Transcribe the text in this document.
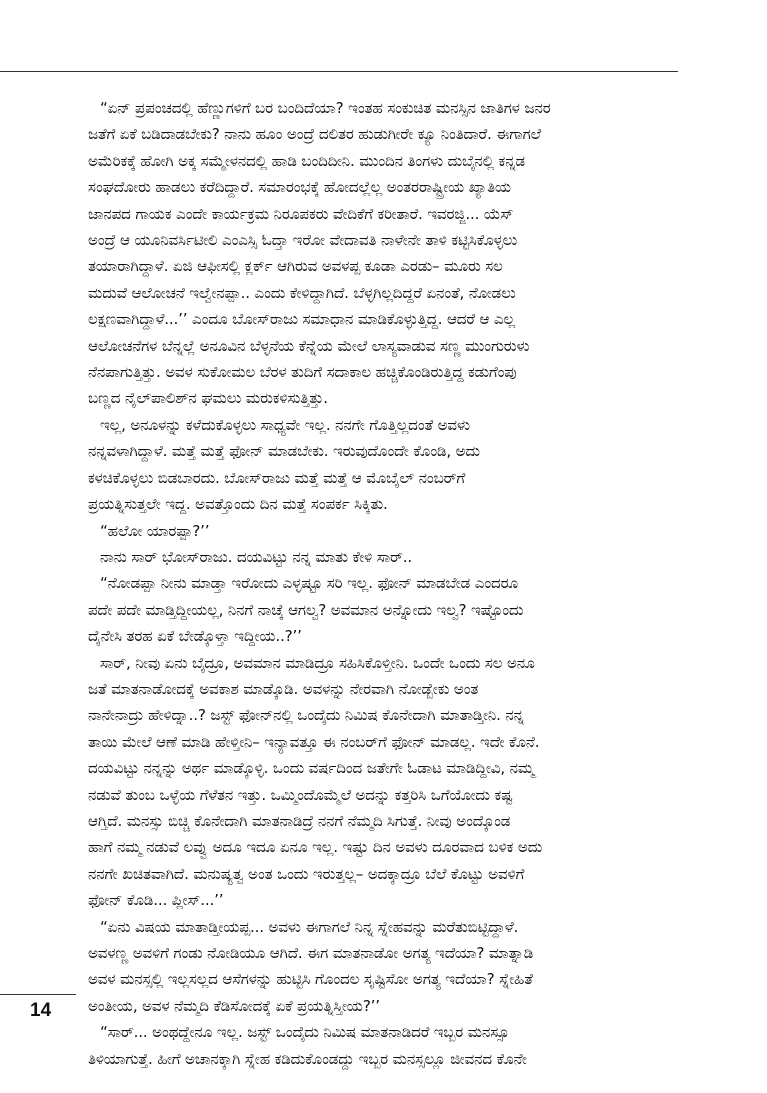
“ಏನ್ ಪ್ರಪಂಚದಲ್ಲಿ ಹೆಣ್ಣುಗಳಿಗೆ ಬರ ಬಂದಿದೆಯಾ? ಇಂತಹ ಸಂಕುಚಿತ ಮನಸ್ಸಿನ ಜಾತಿಗಳ ಜನರ
ಜತೆಗೆ ಏಕೆ ಬಡಿದಾಡಬೇಕು? ನಾನು ಹೂಂ ಅಂದ್ರೆ ದಲಿತರ ಹುಡುಗೀರೇ ಕ್ಯೂ ನಿಂತಿದಾರೆ. ಈಗಾಗಲೆ
ಅಮೆರಿಕಕ್ಕೆ ಹೋಗಿ ಅಕ್ಕ ಸಮ್ಮೇಳನದಲ್ಲಿ ಹಾಡಿ ಬಂದಿದೀನಿ. ಮುಂದಿನ ತಿಂಗಳು ದುಬೈನಲ್ಲಿ ಕನ್ನಡ
ಸಂಘದೋರು ಹಾಡಲು ಕರೆದಿದ್ದಾರೆ. ಸಮಾರಂಭಕ್ಕೆ ಹೋದಲ್ಲೆಲ್ಲ ಅಂತರರಾಷ್ಟ್ರೀಯ ಖ್ಯಾತಿಯ
ಜಾನಪದ ಗಾಯಕ ಎಂದೇ ಕಾರ್ಯಕ್ರಮ ನಿರೂಪಕರು ವೇದಿಕೆಗೆ ಕರೀತಾರೆ. ಇವರಜ್ಜಿ... ಯೆಸ್
ಅಂದ್ರೆ ಆ ಯೂನಿವರ್ಸಿಟೀಲಿ ಎಂಎಸ್ಸಿ ಓದ್ತಾ ಇರೋ ವೇದಾವತಿ ನಾಳೇನೇ ತಾಳಿ ಕಟ್ಟಿಸಿಕೊಳ್ಳಲು
ತಯಾರಾಗಿದ್ದಾಳೆ. ಏಜಿ ಆಫೀಸಲ್ಲಿ ಕ್ಲರ್ಕ್ ಆಗಿರುವ ಅವಳಪ್ಪ ಕೂಡಾ ಎರಡು– ಮೂರು ಸಲ
ಮದುವೆ ಆಲೋಚನೆ ಇಲ್ವೇನಪ್ಪಾ.. ಎಂದು ಕೇಳಿದ್ದಾಗಿದೆ. ಬೆಳ್ಳಗಿಲ್ಲದಿದ್ದರೆ ಏನಂತೆ, ನೋಡಲು
ಲಕ್ಷಣವಾಗಿದ್ದಾಳೆ...’’ ಎಂದೂ ಬೋಸ್‌ರಾಜು ಸಮಾಧಾನ ಮಾಡಿಕೊಳ್ಳುತ್ತಿದ್ದ. ಆದರೆ ಆ ಎಲ್ಲ
ಆಲೋಚನೆಗಳ ಬೆನ್ನಲ್ಲೆ ಅನೂವಿನ ಬೆಳ್ಳನೆಯ ಕೆನ್ನೆಯ ಮೇಲೆ ಲಾಸ್ಯವಾಡುವ ಸಣ್ಣ ಮುಂಗುರುಳು
ನೆನಪಾಗುತ್ತಿತ್ತು. ಅವಳ ಸುಕೋಮಲ ಬೆರಳ ತುದಿಗೆ ಸದಾಕಾಲ ಹಚ್ಚಿಕೊಂಡಿರುತ್ತಿದ್ದ ಕಡುಗೆಂಪು
ಬಣ್ಣದ ನೈಲ್‌ಪಾಲಿಶ್‌ನ ಘಮಲು ಮರುಕಳಿಸುತ್ತಿತ್ತು.
ಇಲ್ಲ, ಅನೂಳನ್ನು ಕಳೆದುಕೊಳ್ಳಲು ಸಾಧ್ಯವೇ ಇಲ್ಲ. ನನಗೇ ಗೊತ್ತಿಲ್ಲದಂತೆ ಅವಳು
ನನ್ನವಳಾಗಿದ್ದಾಳೆ. ಮತ್ತೆ ಮತ್ತೆ ಫೋನ್ ಮಾಡಬೇಕು. ಇರುವುದೊಂದೇ ಕೊಂಡಿ, ಅದು
ಕಳಚಿಕೊಳ್ಳಲು ಬಿಡಬಾರದು. ಬೋಸ್‌ರಾಜು ಮತ್ತೆ ಮತ್ತೆ ಆ ಮೊಬೈಲ್ ನಂಬರ್‌ಗೆ
ಪ್ರಯತ್ನಿಸುತ್ತಲೇ ಇದ್ದ. ಅವತ್ತೊಂದು ದಿನ ಮತ್ತೆ ಸಂಪರ್ಕ ಸಿಕ್ಕಿತು.
“ಹಲೋ ಯಾರಪ್ಪಾ?’’
ನಾನು ಸಾರ್ ಭೋಸ್‌ರಾಜು. ದಯವಿಟ್ಟು ನನ್ನ ಮಾತು ಕೇಳಿ ಸಾರ್..
“ನೋಡಪ್ಪಾ ನೀನು ಮಾಡ್ತಾ ಇರೋದು ಎಳ್ಳಷ್ಟೂ ಸರಿ ಇಲ್ಲ. ಫೋನ್ ಮಾಡಬೇಡ ಎಂದರೂ
ಪದೇ ಪದೇ ಮಾಡ್ತಿದ್ದೀಯಲ್ಲ, ನಿನಗೆ ನಾಚ್ಕೆ ಆಗಲ್ವ? ಅವಮಾನ ಅನ್ನೋದು ಇಲ್ವ? ಇಷ್ಟೊಂದು
ದೈನೇಸಿ ತರಹ ಏಕೆ ಬೇಡ್ಕೊಳ್ತಾ ಇದ್ದೀಯ..?’’
ಸಾರ್, ನೀವು ಏನು ಬೈದ್ರೂ, ಅವಮಾನ ಮಾಡಿದ್ರೂ ಸಹಿಸಿಕೊಳ್ತೀನಿ. ಒಂದೇ ಒಂದು ಸಲ ಅನೂ
ಜತೆ ಮಾತನಾಡೋದಕ್ಕೆ ಅವಕಾಶ ಮಾಡ್ಕೊಡಿ. ಅವಳನ್ನು ನೇರವಾಗಿ ನೋಡ್ಬೇಕು ಅಂತ
ನಾನೇನಾದ್ರು ಹೇಳಿದ್ನಾ..? ಜಸ್ಟ್ ಫೋನ್‌ನಲ್ಲಿ ಒಂದೈದು ನಿಮಿಷ ಕೊನೇದಾಗಿ ಮಾತಾಡ್ತೀನಿ. ನನ್ನ
ತಾಯಿ ಮೇಲೆ ಆಣೆ ಮಾಡಿ ಹೇಳ್ತೀನಿ– ಇನ್ಯಾವತ್ತೂ ಈ ನಂಬರ್‌ಗೆ ಫೋನ್ ಮಾಡಲ್ಲ. ಇದೇ ಕೊನೆ.
ದಯವಿಟ್ಟು ನನ್ನನ್ನು ಅರ್ಥ ಮಾಡ್ಕೊಳ್ಳಿ. ಒಂದು ವರ್ಷದಿಂದ ಜತೇಗೇ ಓಡಾಟ ಮಾಡಿದ್ದೀವಿ, ನಮ್ಮ
ನಡುವೆ ತುಂಬ ಒಳ್ಳೆಯ ಗೆಳೆತನ ಇತ್ತು. ಒಮ್ಮಿಂದೊಮ್ಮೆಲೆ ಅದನ್ನು ಕತ್ತರಿಸಿ ಒಗೆಯೋದು ಕಷ್ಟ
ಆಗ್ತಿದೆ. ಮನಸ್ಸು ಬಿಚ್ಚಿ ಕೊನೇದಾಗಿ ಮಾತನಾಡಿದ್ರೆ ನನಗೆ ನೆಮ್ಮದಿ ಸಿಗುತ್ತೆ. ನೀವು ಅಂದ್ಕೊಂಡ
ಹಾಗೆ ನಮ್ಮ ನಡುವೆ ಲವ್ವು ಅದೂ ಇದೂ ಏನೂ ಇಲ್ಲ. ಇಷ್ಟು ದಿನ ಅವಳು ದೂರವಾದ ಬಳಿಕ ಅದು
ನನಗೇ ಖಚಿತವಾಗಿದೆ. ಮನುಷ್ಯತ್ವ ಅಂತ ಒಂದು ಇರುತ್ತಲ್ಲ– ಅದಕ್ಕಾದ್ರೂ ಬೆಲೆ ಕೊಟ್ಟು ಅವಳಿಗೆ
ಫೋನ್ ಕೊಡಿ... ಪ್ಲೀಸ್...’’
“ಏನು ವಿಷಯ ಮಾತಾಡ್ತೀಯಪ್ಪ... ಅವಳು ಈಗಾಗಲೆ ನಿನ್ನ ಸ್ನೇಹವನ್ನು ಮರೆತುಬಿಟ್ಟಿದ್ದಾಳೆ.
ಅವಳಣ್ಣ ಅವಳಿಗೆ ಗಂಡು ನೋಡಿಯೂ ಆಗಿದೆ. ಈಗ ಮಾತನಾಡೋ ಅಗತ್ಯ ಇದೆಯಾ? ಮಾತ್ನಾಡಿ
ಅವಳ ಮನಸ್ಸಲ್ಲಿ ಇಲ್ಲಸಲ್ಲದ ಆಸೆಗಳನ್ನು ಹುಟ್ಟಿಸಿ ಗೊಂದಲ ಸೃಷ್ಟಿಸೋ ಅಗತ್ಯ ಇದೆಯಾ? ಸ್ನೇಹಿತೆ
ಅಂತೀಯ, ಅವಳ ನೆಮ್ಮದಿ ಕೆಡಿಸೋದಕ್ಕೆ ಏಕೆ ಪ್ರಯತ್ನಿಸ್ತೀಯ?’’
“ಸಾರ್... ಅಂಥದ್ದೇನೂ ಇಲ್ಲ. ಜಸ್ಟ್ ಒಂದೈದು ನಿಮಿಷ ಮಾತನಾಡಿದರೆ ಇಬ್ಬರ ಮನಸ್ಸೂ
ತಿಳಿಯಾಗುತ್ತೆ. ಹೀಗೆ ಅಚಾನಕ್ಕಾಗಿ ಸ್ನೇಹ ಕಡಿದುಕೊಂಡದ್ದು ಇಬ್ಬರ ಮನಸ್ಸಲ್ಲೂ ಜೀವನದ ಕೊನೇ
14
